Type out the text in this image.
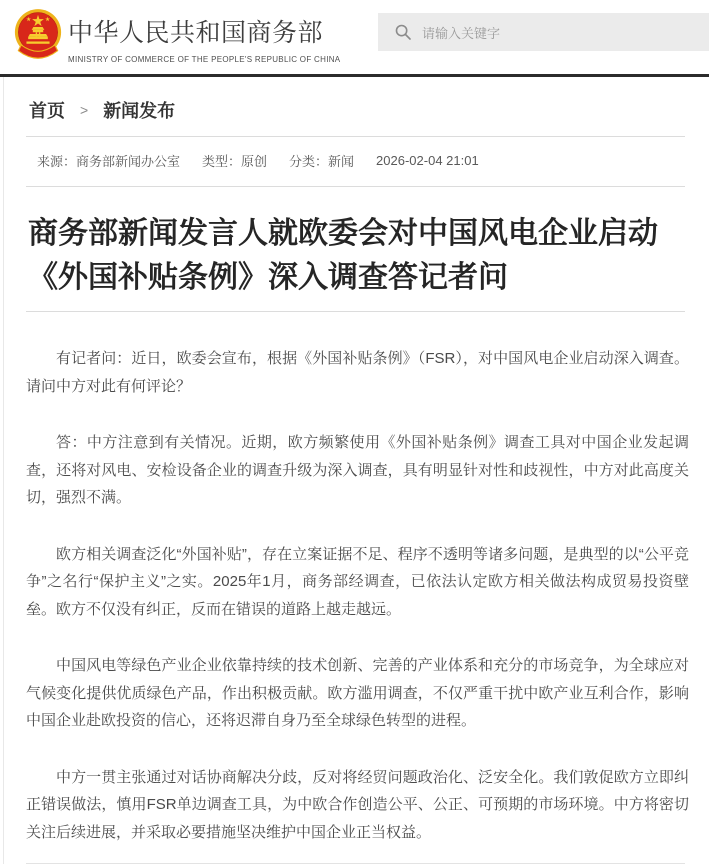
中华人民共和国商务部
MINISTRY OF COMMERCE OF THE PEOPLE'S REPUBLIC OF CHINA
请输入关键字
首页 > 新闻发布
来源：商务部新闻办公室 类型：原创 分类：新闻 2026-02-04 21:01
商务部新闻发言人就欧委会对中国风电企业启动《外国补贴条例》深入调查答记者问

有记者问：近日，欧委会宣布，根据《外国补贴条例》（FSR），对中国风电企业启动深入调查。请问中方对此有何评论？

答：中方注意到有关情况。近期，欧方频繁使用《外国补贴条例》调查工具对中国企业发起调查，还将对风电、安检设备企业的调查升级为深入调查，具有明显针对性和歧视性，中方对此高度关切，强烈不满。

欧方相关调查泛化“外国补贴”，存在立案证据不足、程序不透明等诸多问题，是典型的以“公平竞争”之名行“保护主义”之实。2025年1月，商务部经调查，已依法认定欧方相关做法构成贸易投资壁垒。欧方不仅没有纠正，反而在错误的道路上越走越远。

中国风电等绿色产业企业依靠持续的技术创新、完善的产业体系和充分的市场竞争，为全球应对气候变化提供优质绿色产品，作出积极贡献。欧方滥用调查，不仅严重干扰中欧产业互利合作，影响中国企业赴欧投资的信心，还将迟滞自身乃至全球绿色转型的进程。

中方一贯主张通过对话协商解决分歧，反对将经贸问题政治化、泛安全化。我们敦促欧方立即纠正错误做法，慎用FSR单边调查工具，为中欧合作创造公平、公正、可预期的市场环境。中方将密切关注后续进展，并采取必要措施坚决维护中国企业正当权益。
